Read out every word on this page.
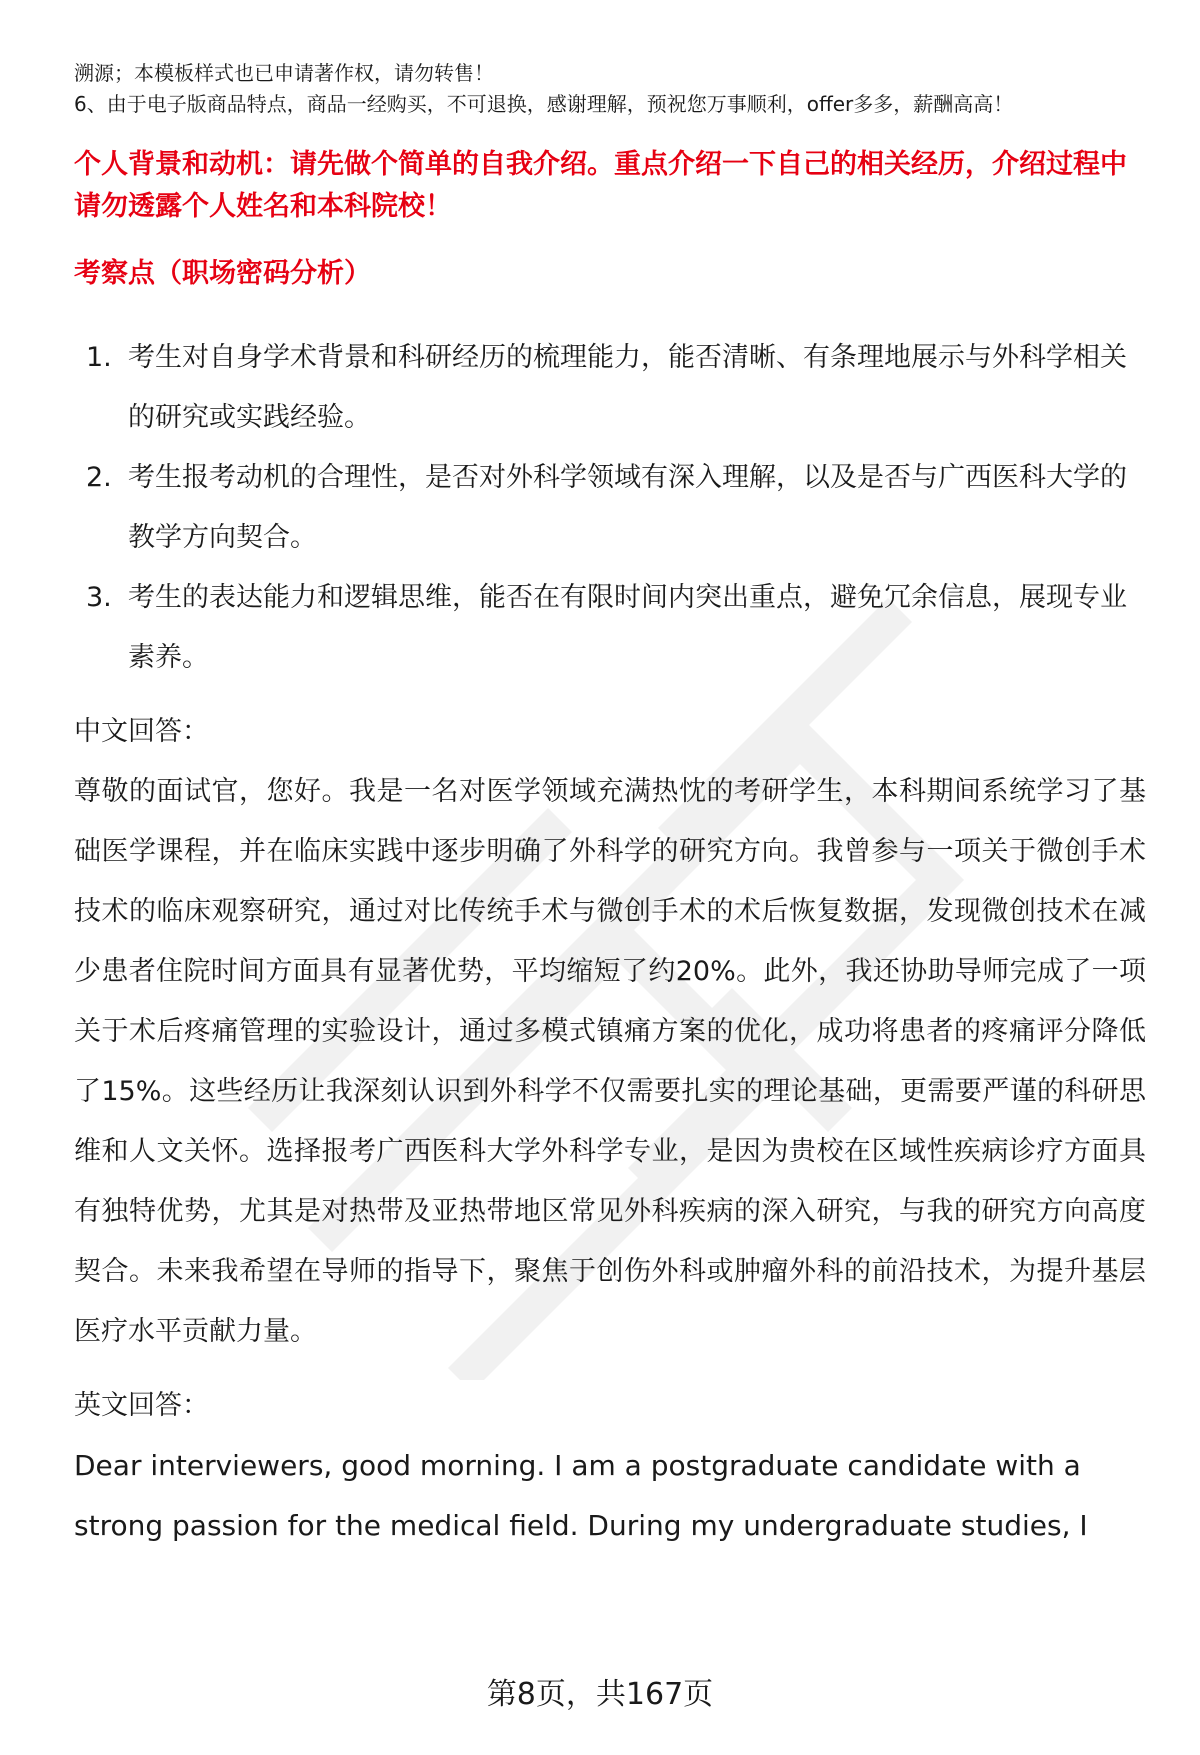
溯源；本模板样式也已申请著作权，请勿转售！
6、由于电子版商品特点，商品一经购买，不可退换，感谢理解，预祝您万事顺利，offer多多，薪酬高高！
个人背景和动机：请先做个简单的自我介绍。重点介绍一下自己的相关经历，介绍过程中请勿透露个人姓名和本科院校！
考察点（职场密码分析）
1. 考生对自身学术背景和科研经历的梳理能力，能否清晰、有条理地展示与外科学相关的研究或实践经验。
2. 考生报考动机的合理性，是否对外科学领域有深入理解，以及是否与广西医科大学的教学方向契合。
3. 考生的表达能力和逻辑思维，能否在有限时间内突出重点，避免冗余信息，展现专业素养。
中文回答：
尊敬的面试官，您好。我是一名对医学领域充满热忱的考研学生，本科期间系统学习了基础医学课程，并在临床实践中逐步明确了外科学的研究方向。我曾参与一项关于微创手术技术的临床观察研究，通过对比传统手术与微创手术的术后恢复数据，发现微创技术在减少患者住院时间方面具有显著优势，平均缩短了约20%。此外，我还协助导师完成了一项关于术后疼痛管理的实验设计，通过多模式镇痛方案的优化，成功将患者的疼痛评分降低了15%。这些经历让我深刻认识到外科学不仅需要扎实的理论基础，更需要严谨的科研思维和人文关怀。选择报考广西医科大学外科学专业，是因为贵校在区域性疾病诊疗方面具有独特优势，尤其是对热带及亚热带地区常见外科疾病的深入研究，与我的研究方向高度契合。未来我希望在导师的指导下，聚焦于创伤外科或肿瘤外科的前沿技术，为提升基层医疗水平贡献力量。
英文回答：
Dear interviewers, good morning. I am a postgraduate candidate with a strong passion for the medical field. During my undergraduate studies, I
第8页，共167页
